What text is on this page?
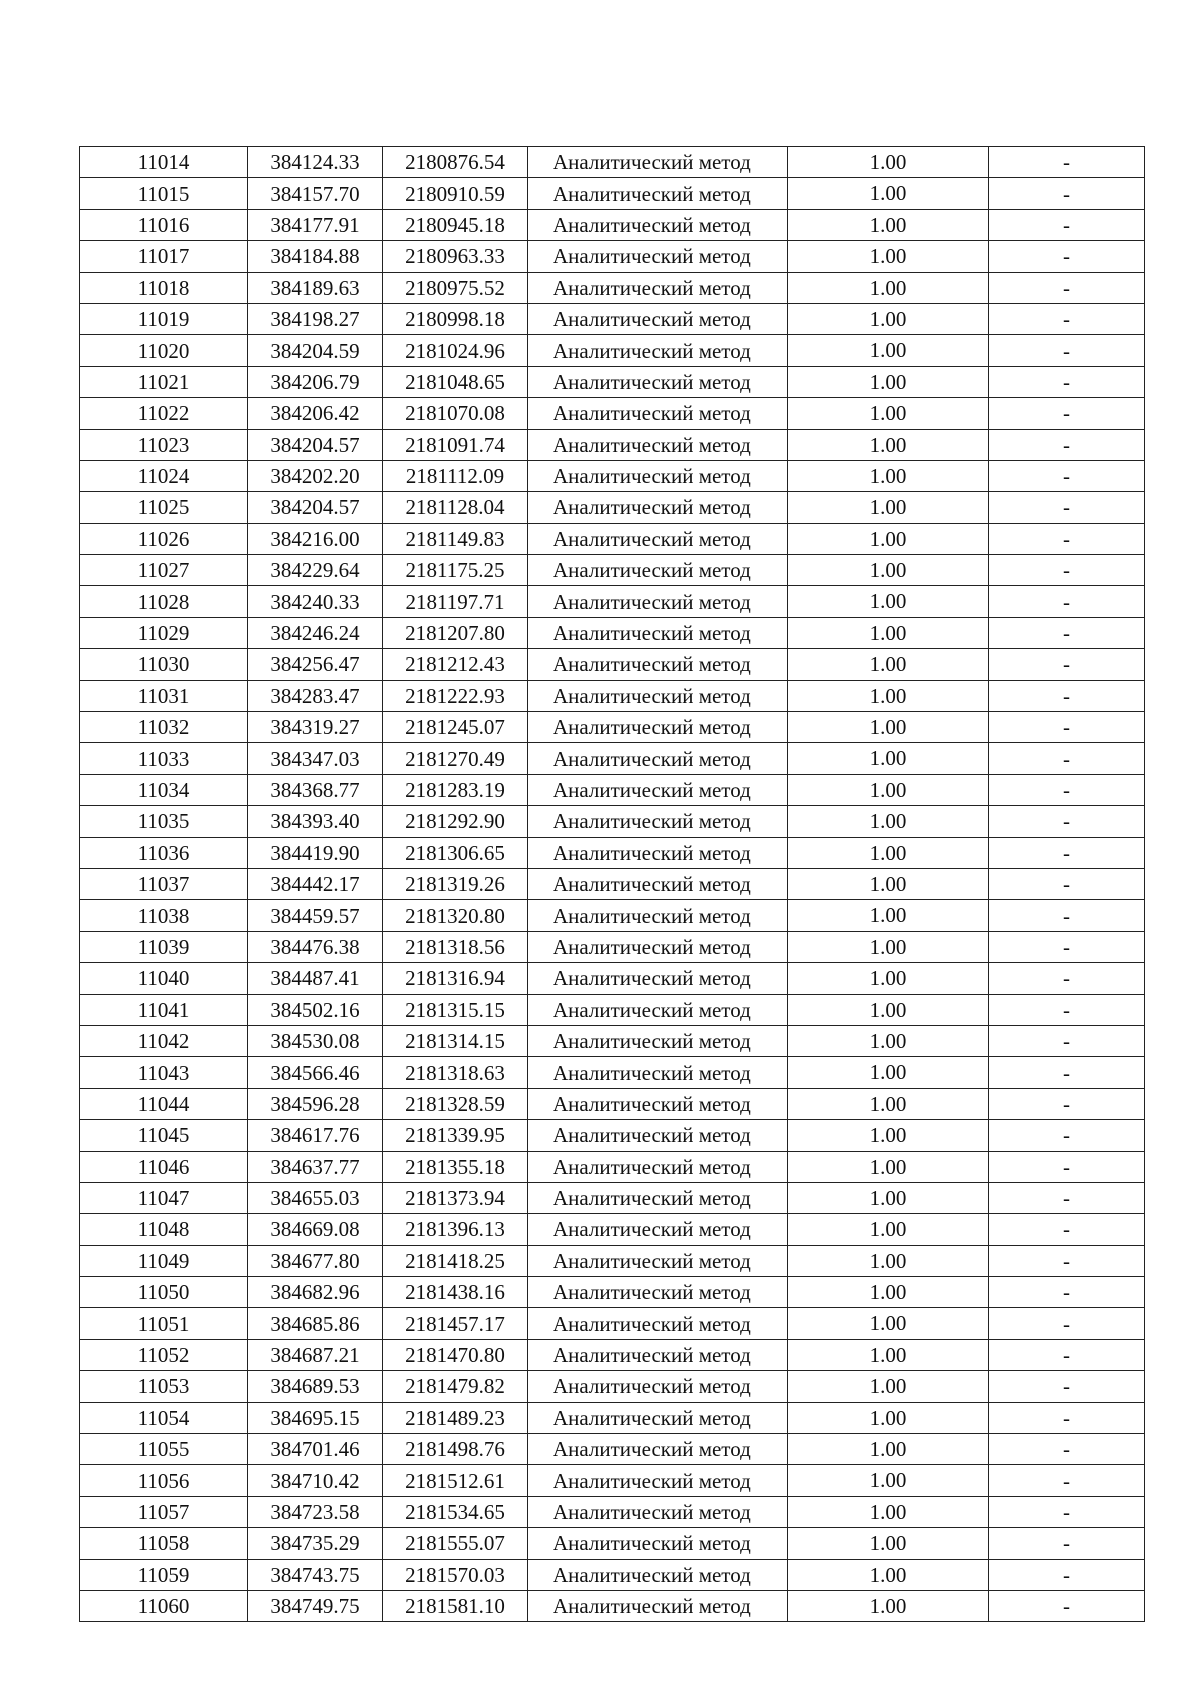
11014	384124.33	2180876.54	Аналитический метод	1.00	-
11015	384157.70	2180910.59	Аналитический метод	1.00	-
11016	384177.91	2180945.18	Аналитический метод	1.00	-
11017	384184.88	2180963.33	Аналитический метод	1.00	-
11018	384189.63	2180975.52	Аналитический метод	1.00	-
11019	384198.27	2180998.18	Аналитический метод	1.00	-
11020	384204.59	2181024.96	Аналитический метод	1.00	-
11021	384206.79	2181048.65	Аналитический метод	1.00	-
11022	384206.42	2181070.08	Аналитический метод	1.00	-
11023	384204.57	2181091.74	Аналитический метод	1.00	-
11024	384202.20	2181112.09	Аналитический метод	1.00	-
11025	384204.57	2181128.04	Аналитический метод	1.00	-
11026	384216.00	2181149.83	Аналитический метод	1.00	-
11027	384229.64	2181175.25	Аналитический метод	1.00	-
11028	384240.33	2181197.71	Аналитический метод	1.00	-
11029	384246.24	2181207.80	Аналитический метод	1.00	-
11030	384256.47	2181212.43	Аналитический метод	1.00	-
11031	384283.47	2181222.93	Аналитический метод	1.00	-
11032	384319.27	2181245.07	Аналитический метод	1.00	-
11033	384347.03	2181270.49	Аналитический метод	1.00	-
11034	384368.77	2181283.19	Аналитический метод	1.00	-
11035	384393.40	2181292.90	Аналитический метод	1.00	-
11036	384419.90	2181306.65	Аналитический метод	1.00	-
11037	384442.17	2181319.26	Аналитический метод	1.00	-
11038	384459.57	2181320.80	Аналитический метод	1.00	-
11039	384476.38	2181318.56	Аналитический метод	1.00	-
11040	384487.41	2181316.94	Аналитический метод	1.00	-
11041	384502.16	2181315.15	Аналитический метод	1.00	-
11042	384530.08	2181314.15	Аналитический метод	1.00	-
11043	384566.46	2181318.63	Аналитический метод	1.00	-
11044	384596.28	2181328.59	Аналитический метод	1.00	-
11045	384617.76	2181339.95	Аналитический метод	1.00	-
11046	384637.77	2181355.18	Аналитический метод	1.00	-
11047	384655.03	2181373.94	Аналитический метод	1.00	-
11048	384669.08	2181396.13	Аналитический метод	1.00	-
11049	384677.80	2181418.25	Аналитический метод	1.00	-
11050	384682.96	2181438.16	Аналитический метод	1.00	-
11051	384685.86	2181457.17	Аналитический метод	1.00	-
11052	384687.21	2181470.80	Аналитический метод	1.00	-
11053	384689.53	2181479.82	Аналитический метод	1.00	-
11054	384695.15	2181489.23	Аналитический метод	1.00	-
11055	384701.46	2181498.76	Аналитический метод	1.00	-
11056	384710.42	2181512.61	Аналитический метод	1.00	-
11057	384723.58	2181534.65	Аналитический метод	1.00	-
11058	384735.29	2181555.07	Аналитический метод	1.00	-
11059	384743.75	2181570.03	Аналитический метод	1.00	-
11060	384749.75	2181581.10	Аналитический метод	1.00	-
